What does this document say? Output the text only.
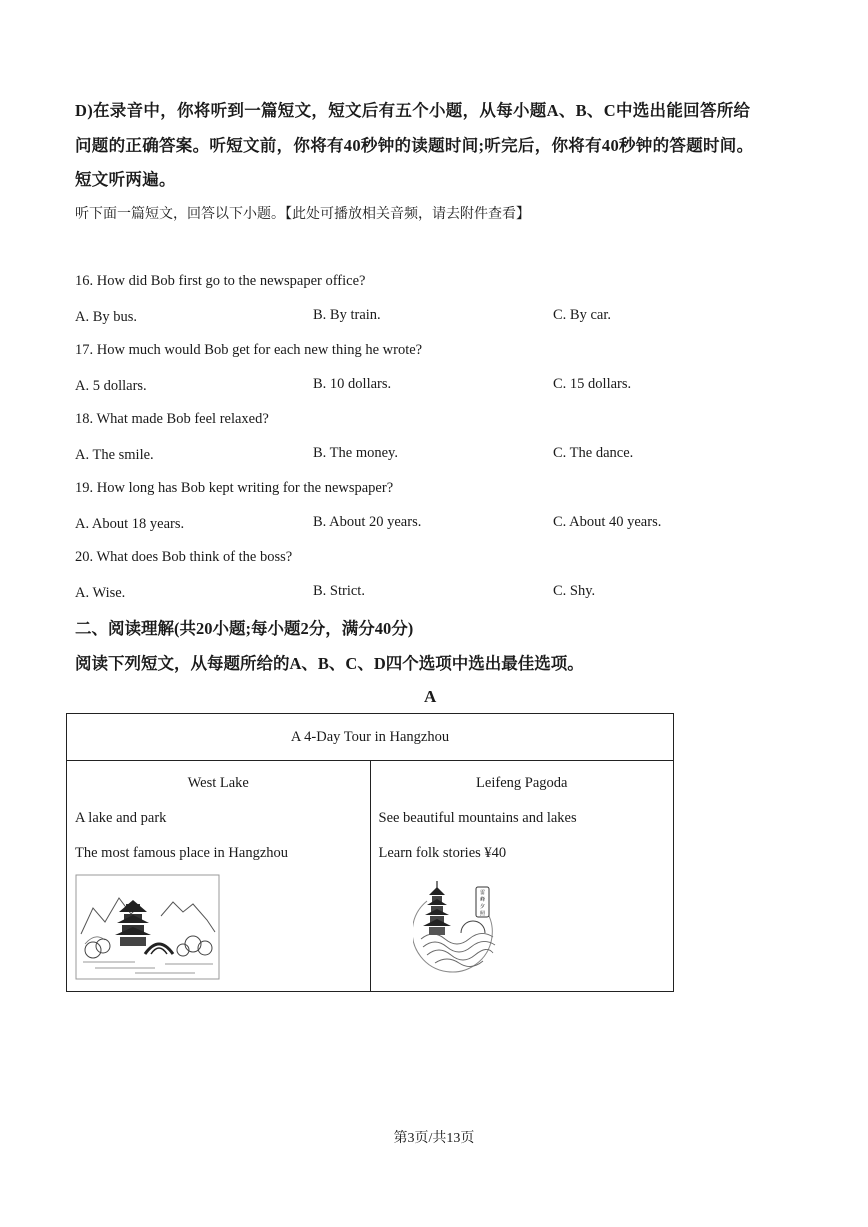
D)在录音中，你将听到一篇短文，短文后有五个小题，从每小题A、B、C中选出能回答所给
问题的正确答案。听短文前，你将有40秒钟的读题时间;听完后，你将有40秒钟的答题时间。
短文听两遍。
听下面一篇短文，回答以下小题。【此处可播放相关音频，请去附件查看】
16. How did Bob first go to the newspaper office?
A. By bus.	B. By train.	C. By car.
17. How much would Bob get for each new thing he wrote?
A. 5 dollars.	B. 10 dollars.	C. 15 dollars.
18. What made Bob feel relaxed?
A. The smile.	B. The money.	C. The dance.
19. How long has Bob kept writing for the newspaper?
A. About 18 years.	B. About 20 years.	C. About 40 years.
20. What does Bob think of the boss?
A. Wise.	B. Strict.	C. Shy.
二、阅读理解(共20小题;每小题2分，满分40分)
阅读下列短文，从每题所给的A、B、C、D四个选项中选出最佳选项。
A
A 4-Day Tour in Hangzhou

West Lake
A lake and park
The most famous place in Hangzhou

Leifeng Pagoda
See beautiful mountains and lakes
Learn folk stories ¥40
雷
峰
夕
照
第3页/共13页
